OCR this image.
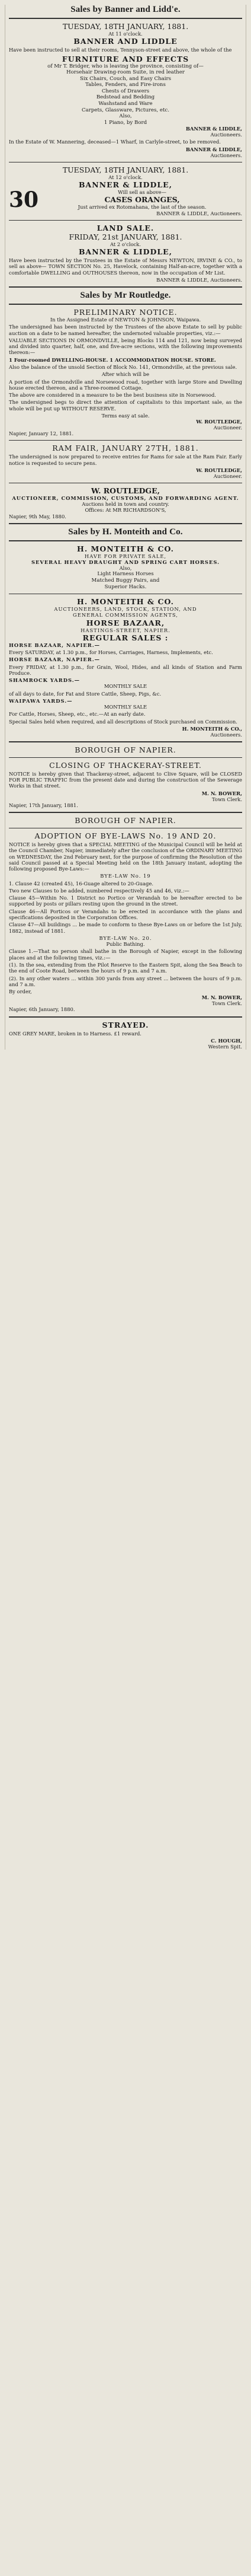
Sales by Banner and Lidd'e.
TUESDAY, 18TH JANUARY, 1881.
At 11 o'clock.
BANNER AND LIDDLE
Have been instructed to sell at their rooms, Tennyson-street and above, the whole of the
FURNITURE AND EFFECTS
of Mr T. Bridger, who is leaving the province, consisting of—
Horsehair Drawing-room Suite, in red leather
Six Chairs, Couch, and Easy Chairs
Tables, Fenders, and Fire-irons
Chests of Drawers
Bedstead and Bedding
Washstand and Ware
Carpets, Glassware, Pictures, etc.
Also,
1 Piano, by Bord
BANNER & LIDDLE,
Auctioneers.
In the Estate of W. Mannering, deceased—1 Wharf, in Carlyle-street, to be removed.
BANNER & LIDDLE,
Auctioneers.
TUESDAY, 18TH JANUARY, 1881.
At 12 o'clock.
BANNER & LIDDLE,
30	Will sell as above—
CASES ORANGES,
Just arrived ex Rotomahana, the last of the season.
BANNER & LIDDLE, Auctioneers.
LAND SALE.
FRIDAY, 21st JANUARY, 1881.
At 2 o'clock.
BANNER & LIDDLE,
Have been instructed by the Trustees in the Estate of Messrs NEWTON, IRVINE & CO., to sell as above— TOWN SECTION No. 25, Havelock, containing Half-an-acre, together with a comfortable DWELLING and OUTHOUSES thereon, now in the occupation of Mr List.
BANNER & LIDDLE, Auctioneers.
Sales by Mr Routledge.
PRELIMINARY NOTICE.
In the Assigned Estate of NEWTON & JOHNSON, Waipawa.
The undersigned has been instructed by the Trustees of the above Estate to sell by public auction on a date to be named hereafter, the undernoted valuable properties, viz.:—
VALUABLE SECTIONS IN ORMONDVILLE, being Blocks 114 and 121, now being surveyed and divided into quarter, half, one, and five-acre sections, with the following improvements thereon:—
1 Four-roomed DWELLING-HOUSE. 1 ACCOMMODATION HOUSE. STORE.
Also the balance of the unsold Section of Block No. 141, Ormondville, at the previous sale.
After which will be
A portion of the Ormondville and Norsewood road, together with large Store and Dwelling house erected thereon, and a Three-roomed Cottage.
The above are considered in a measure to be the best business site in Norsewood.
The undersigned begs to direct the attention of capitalists to this important sale, as the whole will be put up WITHOUT RESERVE.
Terms easy at sale.
W. ROUTLEDGE,
Auctioneer.
Napier, January 12, 1881.
RAM FAIR, JANUARY 27TH, 1881.
The undersigned is now prepared to receive entries for Rams for sale at the Ram Fair. Early notice is requested to secure pens.
W. ROUTLEDGE,
Auctioneer.
W. ROUTLEDGE,
AUCTIONEER, COMMISSION, CUSTOMS, AND FORWARDING AGENT.
Auctions held in town and country.
Offices: At MR RICHARDSON'S,
Napier, 9th May, 1880.
Sales by H. Monteith and Co.
H. MONTEITH & CO.
HAVE FOR PRIVATE SALE,
SEVERAL HEAVY DRAUGHT AND SPRING CART HORSES.
Also,
Light Harness Horses
Matched Buggy Pairs, and
Superior Hacks.
H. MONTEITH & CO.
AUCTIONEERS, LAND, STOCK, STATION, AND
GENERAL COMMISSION AGENTS,
HORSE BAZAAR,
HASTINGS-STREET, NAPIER.
REGULAR SALES :
HORSE BAZAAR, NAPIER.—
Every SATURDAY, at 1.30 p.m., for Horses, Carriages, Harness, Implements, etc.
HORSE BAZAAR, NAPIER.—
Every FRIDAY, at 1.30 p.m., for Grain, Wool, Hides, and all kinds of Station and Farm Produce.
SHAMROCK YARDS.—
MONTHLY SALE
of all days to date, for Fat and Store Cattle, Sheep, Pigs, &c.
WAIPAWA YARDS.—
MONTHLY SALE
For Cattle, Horses, Sheep, etc., etc.—At an early date.
Special Sales held when required, and all descriptions of Stock purchased on Commission.
H. MONTEITH & CO.,
Auctioneers.
BOROUGH OF NAPIER.
CLOSING OF THACKERAY-STREET.
NOTICE is hereby given that Thackeray-street, adjacent to Clive Square, will be CLOSED FOR PUBLIC TRAFFIC from the present date and during the construction of the Sewerage Works in that street.
M. N. BOWER,
Town Clerk.
Napier, 17th January, 1881.
BOROUGH OF NAPIER.
ADOPTION OF BYE-LAWS No. 19 AND 20.
NOTICE is hereby given that a SPECIAL MEETING of the Municipal Council will be held at the Council Chamber, Napier, immediately after the conclusion of the ORDINARY MEETING on WEDNESDAY, the 2nd February next, for the purpose of confirming the Resolution of the said Council passed at a Special Meeting held on the 18th January instant, adopting the following proposed Bye-Laws:—
BYE-LAW No. 19
1. Clause 42 (created 45), 16-Guage altered to 20-Guage.
Two new Clauses to be added, numbered respectively 45 and 46, viz.:—
Clause 45—Within No. 1 District no Portico or Verandah to be hereafter erected to be supported by posts or pillars resting upon the ground in the street.
Clause 46—All Porticos or Verandahs to be erected in accordance with the plans and specifications deposited in the Corporation Offices.
Clause 47—All buildings ... be made to conform to these Bye-Laws on or before the 1st July, 1882, instead of 1881.
BYE-LAW No. 20.
Public Bathing.
Clause 1.—That no person shall bathe in the Borough of Napier, except in the following places and at the following times, viz.:—
(1). In the sea, extending from the Pilot Reserve to the Eastern Spit, along the Sea Beach to the end of Coote Road, between the hours of 9 p.m. and 7 a.m.
(2). In any other waters ... within 300 yards from any street ... between the hours of 9 p.m. and 7 a.m.
By order,
M. N. BOWER,
Town Clerk.
Napier, 6th January, 1880.
STRAYED.
ONE GREY MARE, broken in to Harness. £1 reward.
C. HOUGH,
Western Spit.
